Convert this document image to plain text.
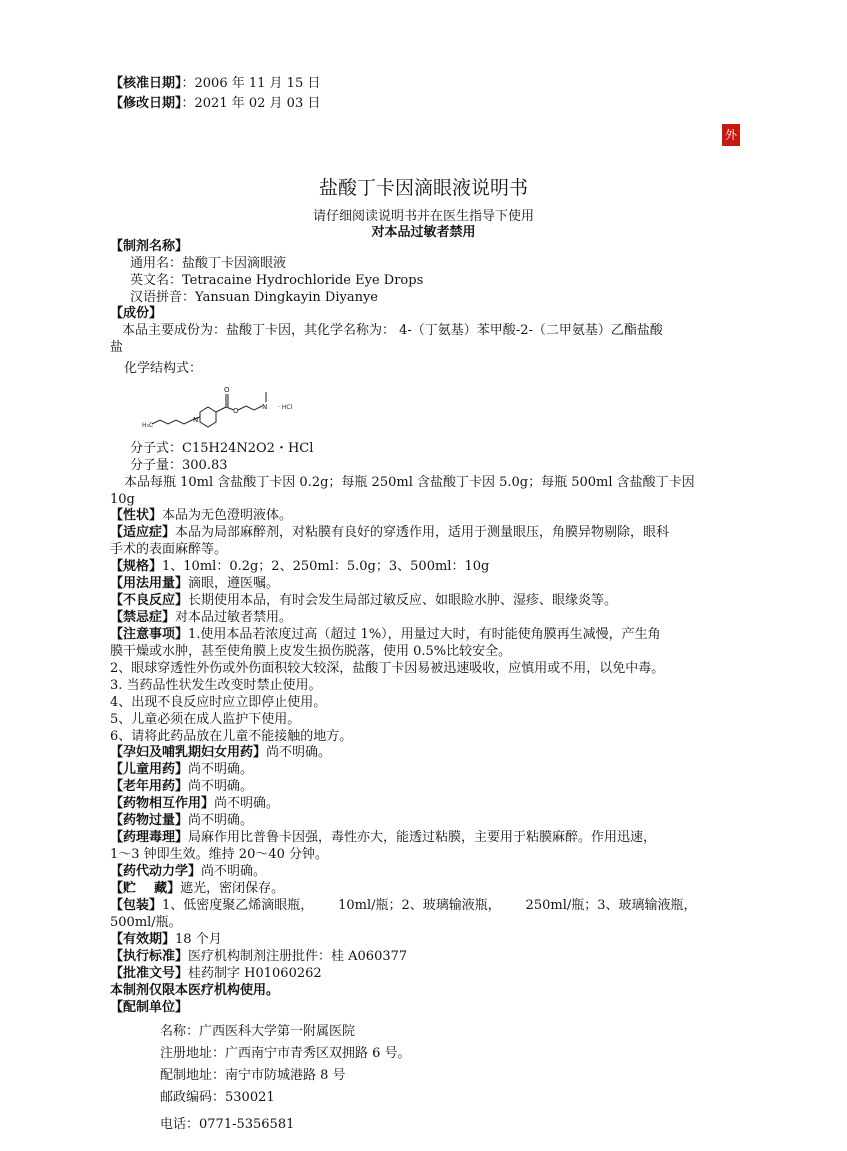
【核准日期】：2006 年 11 月 15 日
【修改日期】：2021 年 02 月 03 日
外
盐酸丁卡因滴眼液说明书
请仔细阅读说明书并在医生指导下使用
对本品过敏者禁用
【制剂名称】
通用名：盐酸丁卡因滴眼液
英文名：Tetracaine Hydrochloride Eye Drops
汉语拼音：Yansuan Dingkayin Diyanye
【成份】
本品主要成份为：盐酸丁卡因，其化学名称为： 4-（丁氨基）苯甲酸-2-（二甲氨基）乙酯盐酸
盐
化学结构式：
H₃C
N
O
O	N · HCl
分子式：C15H24N2O2・HCl
分子量：300.83
本品每瓶 10ml 含盐酸丁卡因 0.2g；每瓶 250ml 含盐酸丁卡因 5.0g；每瓶 500ml 含盐酸丁卡因
10g
【性状】本品为无色澄明液体。
【适应症】本品为局部麻醉剂，对粘膜有良好的穿透作用，适用于测量眼压，角膜异物剔除，眼科
手术的表面麻醉等。
【规格】1、10ml：0.2g；2、250ml：5.0g；3、500ml：10g
【用法用量】滴眼，遵医嘱。
【不良反应】长期使用本品，有时会发生局部过敏反应、如眼睑水肿、湿疹、眼缘炎等。
【禁忌症】对本品过敏者禁用。
【注意事项】1.使用本品若浓度过高（超过 1%），用量过大时，有时能使角膜再生减慢，产生角
膜干燥或水肿，甚至使角膜上皮发生损伤脱落，使用 0.5%比较安全。
2、眼球穿透性外伤或外伤面积较大较深，盐酸丁卡因易被迅速吸收，应慎用或不用，以免中毒。
3. 当药品性状发生改变时禁止使用。
4、出现不良反应时应立即停止使用。
5、儿童必须在成人监护下使用。
6、请将此药品放在儿童不能接触的地方。
【孕妇及哺乳期妇女用药】尚不明确。
【儿童用药】尚不明确。
【老年用药】尚不明确。
【药物相互作用】尚不明确。
【药物过量】尚不明确。
【药理毒理】局麻作用比普鲁卡因强，毒性亦大，能透过粘膜，主要用于粘膜麻醉。作用迅速，
1～3 钟即生效。维持 20～40 分钟。
【药代动力学】尚不明确。
【贮    藏】遮光，密闭保存。
【包装】1、低密度聚乙烯滴眼瓶，      10ml/瓶；2、玻璃输液瓶，      250ml/瓶；3、玻璃输液瓶，
500ml/瓶。
【有效期】18 个月
【执行标准】医疗机构制剂注册批件：桂 A060377
【批准文号】桂药制字 H01060262
本制剂仅限本医疗机构使用。
【配制单位】
名称：广西医科大学第一附属医院
注册地址：广西南宁市青秀区双拥路 6 号。
配制地址：南宁市防城港路 8 号
邮政编码：530021
电话：0771-5356581
